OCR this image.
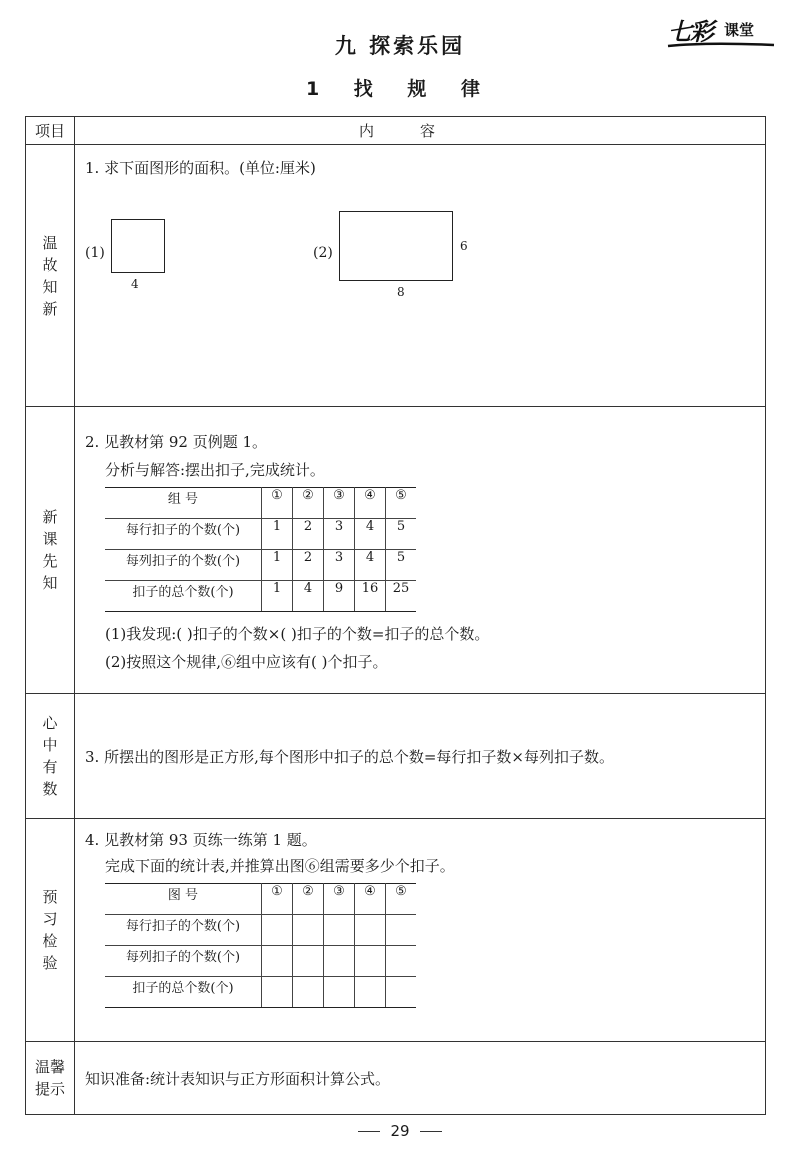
七彩 课堂
九 探索乐园
1 找 规 律
项目	内容

温故知新

1. 求下面图形的面积。(单位:厘米)
(1)
4
(2)	6
8

新课先知

2. 见教材第 92 页例题 1。
分析与解答:摆出扣子,完成统计。
组 号	①	②	③	④	⑤
每行扣子的个数(个)	1	2	3	4	5
每列扣子的个数(个)	1	2	3	4	5
扣子的总个数(个)	1	4	9	16	25
(1)我发现:( )扣子的个数×( )扣子的个数=扣子的总个数。
(2)按照这个规律,⑥组中应该有( )个扣子。

心中有数

3. 所摆出的图形是正方形,每个图形中扣子的总个数=每行扣子数×每列扣子数。

预习检验

4. 见教材第 93 页练一练第 1 题。
完成下面的统计表,并推算出图⑥组需要多少个扣子。
图 号	①	②	③	④	⑤
每行扣子的个数(个)					
每列扣子的个数(个)					
扣子的总个数(个)					

温馨提示

知识准备:统计表知识与正方形面积计算公式。
29
